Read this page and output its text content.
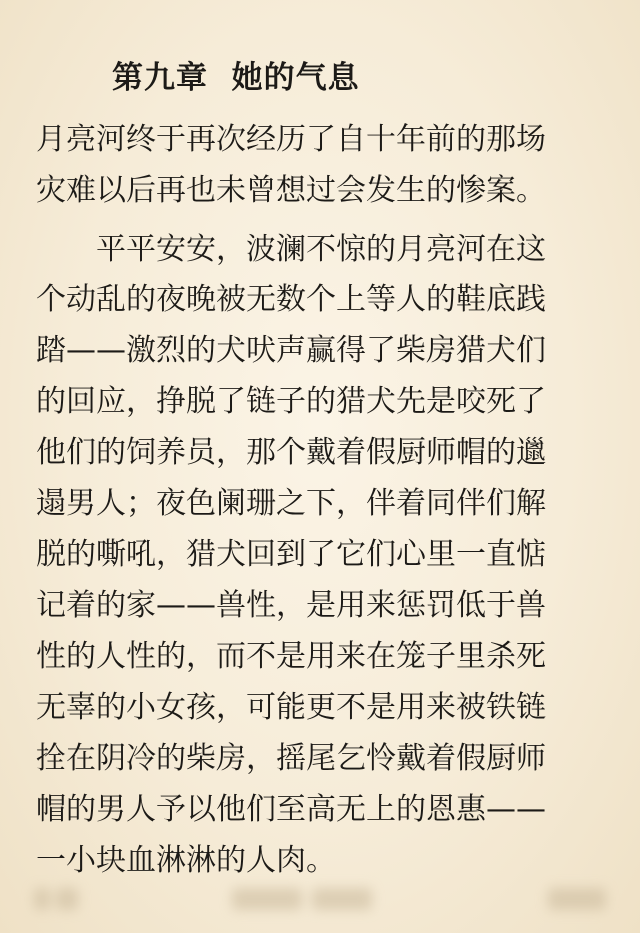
第九章  她的气息
月亮河终于再次经历了自十年前的那场
灾难以后再也未曾想过会发生的惨案。
平平安安，波澜不惊的月亮河在这
个动乱的夜晚被无数个上等人的鞋底践
踏——激烈的犬吠声赢得了柴房猎犬们
的回应，挣脱了链子的猎犬先是咬死了
他们的饲养员，那个戴着假厨师帽的邋
遢男人；夜色阑珊之下，伴着同伴们解
脱的嘶吼，猎犬回到了它们心里一直惦
记着的家——兽性，是用来惩罚低于兽
性的人性的，而不是用来在笼子里杀死
无辜的小女孩，可能更不是用来被铁链
拴在阴冷的柴房，摇尾乞怜戴着假厨师
帽的男人予以他们至高无上的恩惠——
一小块血淋淋的人肉。
